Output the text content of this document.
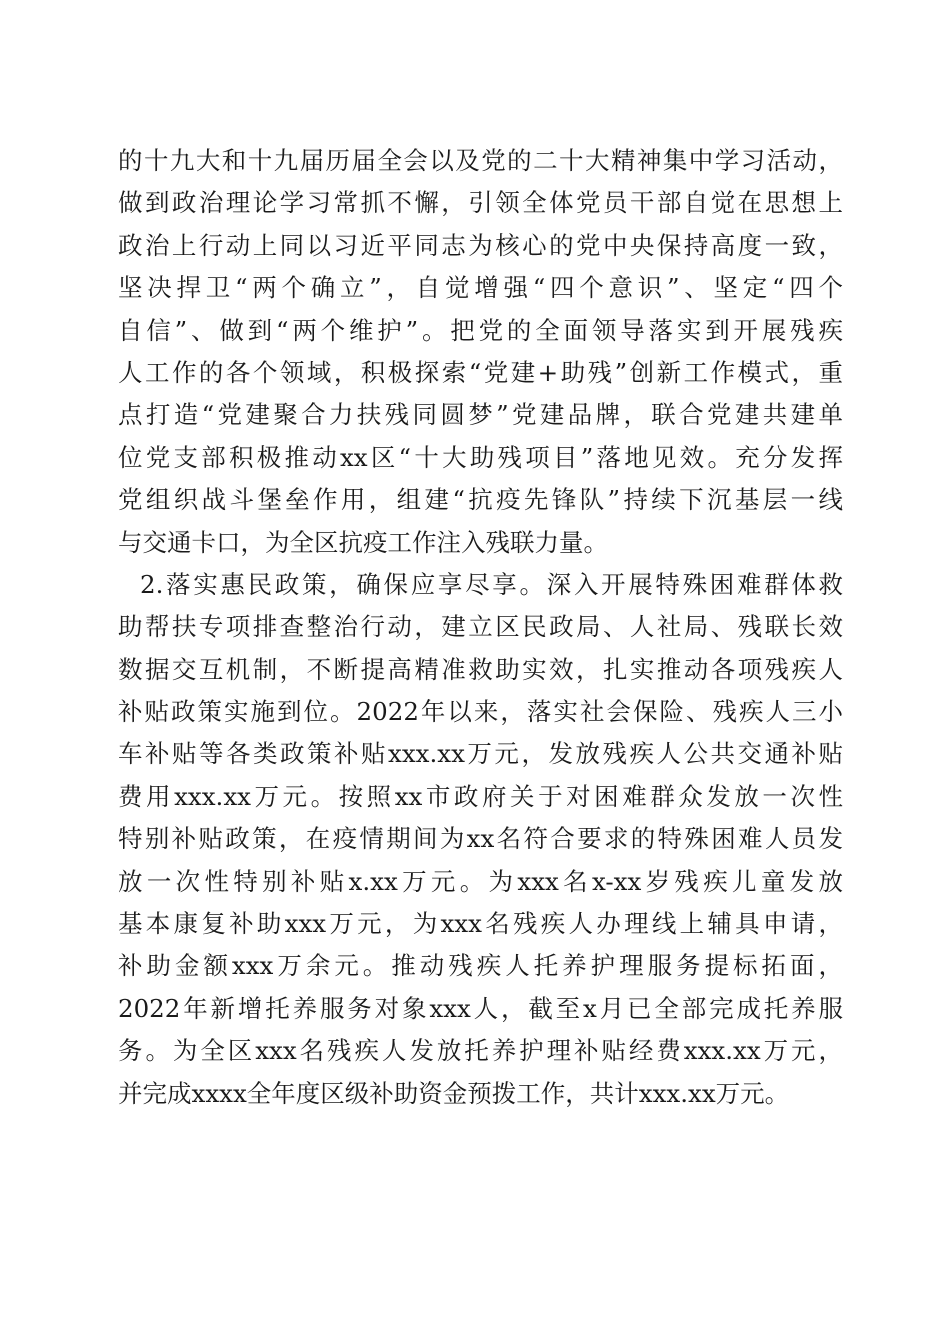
的十九大和十九届历届全会以及党的二十大精神集中学习活动，
做到政治理论学习常抓不懈，引领全体党员干部自觉在思想上
政治上行动上同以习近平同志为核心的党中央保持高度一致，
坚决捍卫“两个确立”，自觉增强“四个意识”、坚定“四个
自信”、做到“两个维护”。把党的全面领导落实到开展残疾
人工作的各个领域，积极探索“党建+助残”创新工作模式，重
点打造“党建聚合力扶残同圆梦”党建品牌，联合党建共建单
位党支部积极推动xx区“十大助残项目”落地见效。充分发挥
党组织战斗堡垒作用，组建“抗疫先锋队”持续下沉基层一线
与交通卡口，为全区抗疫工作注入残联力量。
2.落实惠民政策，确保应享尽享。深入开展特殊困难群体救
助帮扶专项排查整治行动，建立区民政局、人社局、残联长效
数据交互机制，不断提高精准救助实效，扎实推动各项残疾人
补贴政策实施到位。2022年以来，落实社会保险、残疾人三小
车补贴等各类政策补贴xxx.xx万元，发放残疾人公共交通补贴
费用xxx.xx万元。按照xx市政府关于对困难群众发放一次性
特别补贴政策，在疫情期间为xx名符合要求的特殊困难人员发
放一次性特别补贴x.xx万元。为xxx名x-xx岁残疾儿童发放
基本康复补助xxx万元，为xxx名残疾人办理线上辅具申请，
补助金额xxx万余元。推动残疾人托养护理服务提标拓面，
2022年新增托养服务对象xxx人，截至x月已全部完成托养服
务。为全区xxx名残疾人发放托养护理补贴经费xxx.xx万元，
并完成xxxx全年度区级补助资金预拨工作，共计xxx.xx万元。
